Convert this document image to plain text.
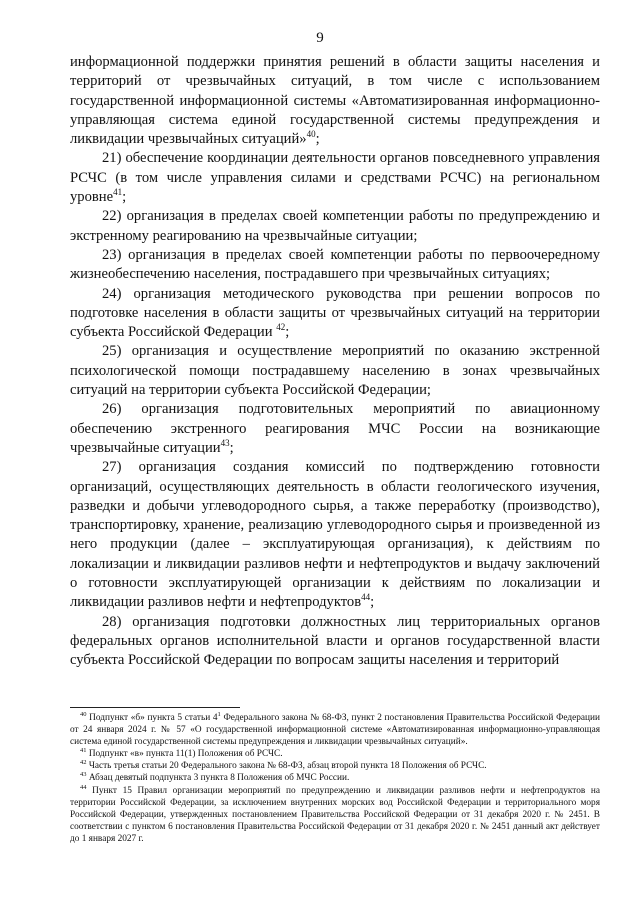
9

информационной поддержки принятия решений в области защиты населения и территорий от чрезвычайных ситуаций, в том числе с использованием государственной информационной системы «Автоматизированная информационно-управляющая система единой государственной системы предупреждения и ликвидации чрезвычайных ситуаций»$^{40}$;

21) обеспечение координации деятельности органов повседневного управления РСЧС (в том числе управления силами и средствами РСЧС) на региональном уровне$^{41}$;

22) организация в пределах своей компетенции работы по предупреждению и экстренному реагированию на чрезвычайные ситуации;

23) организация в пределах своей компетенции работы по первоочередному жизнеобеспечению населения, пострадавшего при чрезвычайных ситуациях;

24) организация методического руководства при решении вопросов по подготовке населения в области защиты от чрезвычайных ситуаций на территории субъекта Российской Федерации $^{42}$;

25) организация и осуществление мероприятий по оказанию экстренной психологической помощи пострадавшему населению в зонах чрезвычайных ситуаций на территории субъекта Российской Федерации;

26) организация подготовительных мероприятий по авиационному обеспечению экстренного реагирования МЧС России на возникающие чрезвычайные ситуации$^{43}$;

27) организация создания комиссий по подтверждению готовности организаций, осуществляющих деятельность в области геологического изучения, разведки и добычи углеводородного сырья, а также переработку (производство), транспортировку, хранение, реализацию углеводородного сырья и произведенной из него продукции (далее – эксплуатирующая организация), к действиям по локализации и ликвидации разливов нефти и нефтепродуктов и выдачу заключений о готовности эксплуатирующей организации к действиям по локализации и ликвидации разливов нефти и нефтепродуктов$^{44}$;

28) организация подготовки должностных лиц территориальных органов федеральных органов исполнительной власти и органов государственной власти субъекта Российской Федерации по вопросам защиты населения и территорий

$^{40}$ Подпункт «б» пункта 5 статьи $4^1$ Федерального закона № 68-ФЗ, пункт 2 постановления Правительства Российской Федерации от 24 января 2024 г. № 57 «О государственной информационной системе «Автоматизированная информационно-управляющая система единой государственной системы предупреждения и ликвидации чрезвычайных ситуаций».

$^{41}$ Подпункт «в» пункта 11(1) Положения об РСЧС.

$^{42}$ Часть третья статьи 20 Федерального закона № 68-ФЗ, абзац второй пункта 18 Положения об РСЧС.

$^{43}$ Абзац девятый подпункта 3 пункта 8 Положения об МЧС России.

$^{44}$ Пункт 15 Правил организации мероприятий по предупреждению и ликвидации разливов нефти и нефтепродуктов на территории Российской Федерации, за исключением внутренних морских вод Российской Федерации и территориального моря Российской Федерации, утвержденных постановлением Правительства Российской Федерации от 31 декабря 2020 г. № 2451. В соответствии с пунктом 6 постановления Правительства Российской Федерации от 31 декабря 2020 г. № 2451 данный акт действует до 1 января 2027 г.
